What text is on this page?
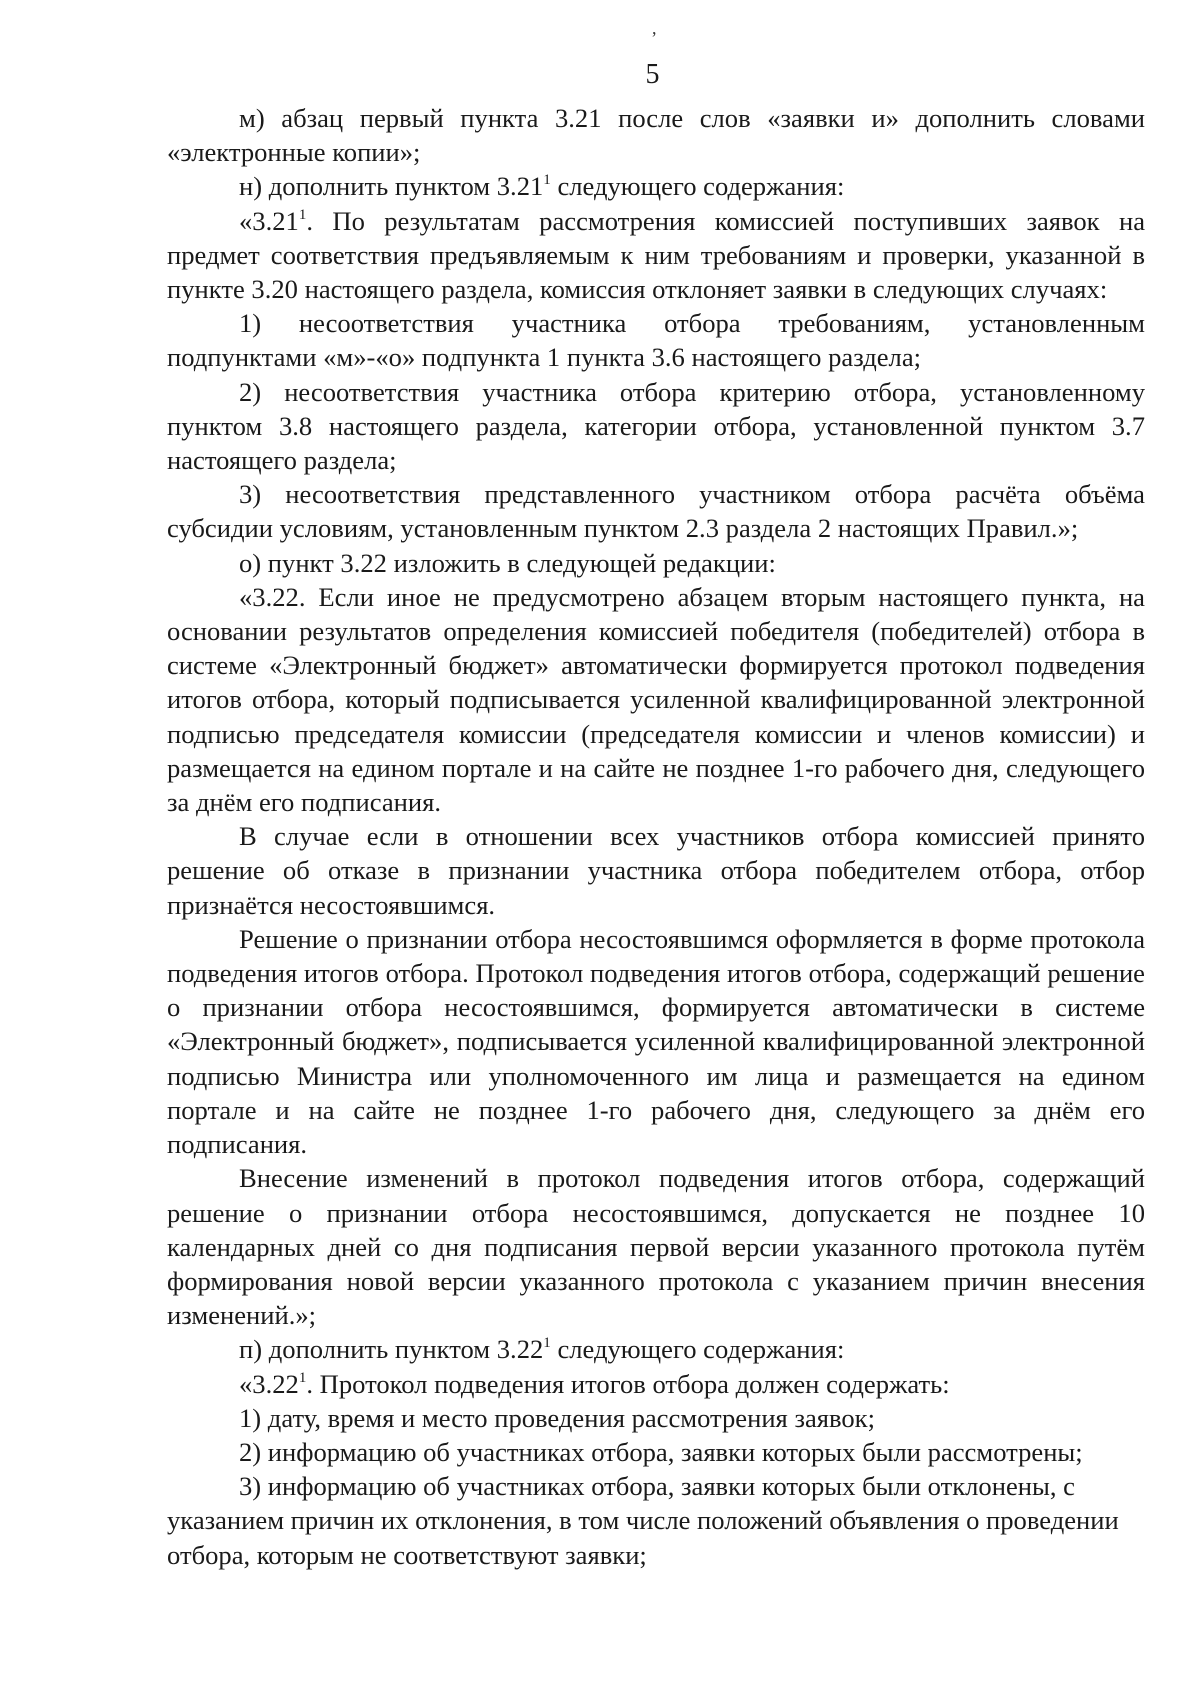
,
5

м) абзац первый пункта 3.21 после слов «заявки и» дополнить словами «электронные копии»;

н) дополнить пунктом 3.21$^1$ следующего содержания:

«3.21$^1$. По результатам рассмотрения комиссией поступивших заявок на предмет соответствия предъявляемым к ним требованиям и проверки, указанной в пункте 3.20 настоящего раздела, комиссия отклоняет заявки в следующих случаях:

1) несоответствия участника отбора требованиям, установленным подпунктами «м»-«о» подпункта 1 пункта 3.6 настоящего раздела;

2) несоответствия участника отбора критерию отбора, установленному пунктом 3.8 настоящего раздела, категории отбора, установленной пунктом 3.7 настоящего раздела;

3) несоответствия представленного участником отбора расчёта объёма субсидии условиям, установленным пунктом 2.3 раздела 2 настоящих Правил.»;

о) пункт 3.22 изложить в следующей редакции:

«3.22. Если иное не предусмотрено абзацем вторым настоящего пункта, на основании результатов определения комиссией победителя (победителей) отбора в системе «Электронный бюджет» автоматически формируется протокол подведения итогов отбора, который подписывается усиленной квалифицированной электронной подписью председателя комиссии (председателя комиссии и членов комиссии) и размещается на едином портале и на сайте не позднее 1-го рабочего дня, следующего за днём его подписания.

В случае если в отношении всех участников отбора комиссией принято решение об отказе в признании участника отбора победителем отбора, отбор признаётся несостоявшимся.

Решение о признании отбора несостоявшимся оформляется в форме протокола подведения итогов отбора. Протокол подведения итогов отбора, содержащий решение о признании отбора несостоявшимся, формируется автоматически в системе «Электронный бюджет», подписывается усиленной квалифицированной электронной подписью Министра или уполномоченного им лица и размещается на едином портале и на сайте не позднее 1-го рабочего дня, следующего за днём его подписания.

Внесение изменений в протокол подведения итогов отбора, содержащий решение о признании отбора несостоявшимся, допускается не позднее 10 календарных дней со дня подписания первой версии указанного протокола путём формирования новой версии указанного протокола с указанием причин внесения изменений.»;

п) дополнить пунктом 3.22$^1$ следующего содержания:

«3.22$^1$. Протокол подведения итогов отбора должен содержать:

1) дату, время и место проведения рассмотрения заявок;

2) информацию об участниках отбора, заявки которых были рассмотрены;

3) информацию об участниках отбора, заявки которых были отклонены, с указанием причин их отклонения, в том числе положений объявления о проведении отбора, которым не соответствуют заявки;
